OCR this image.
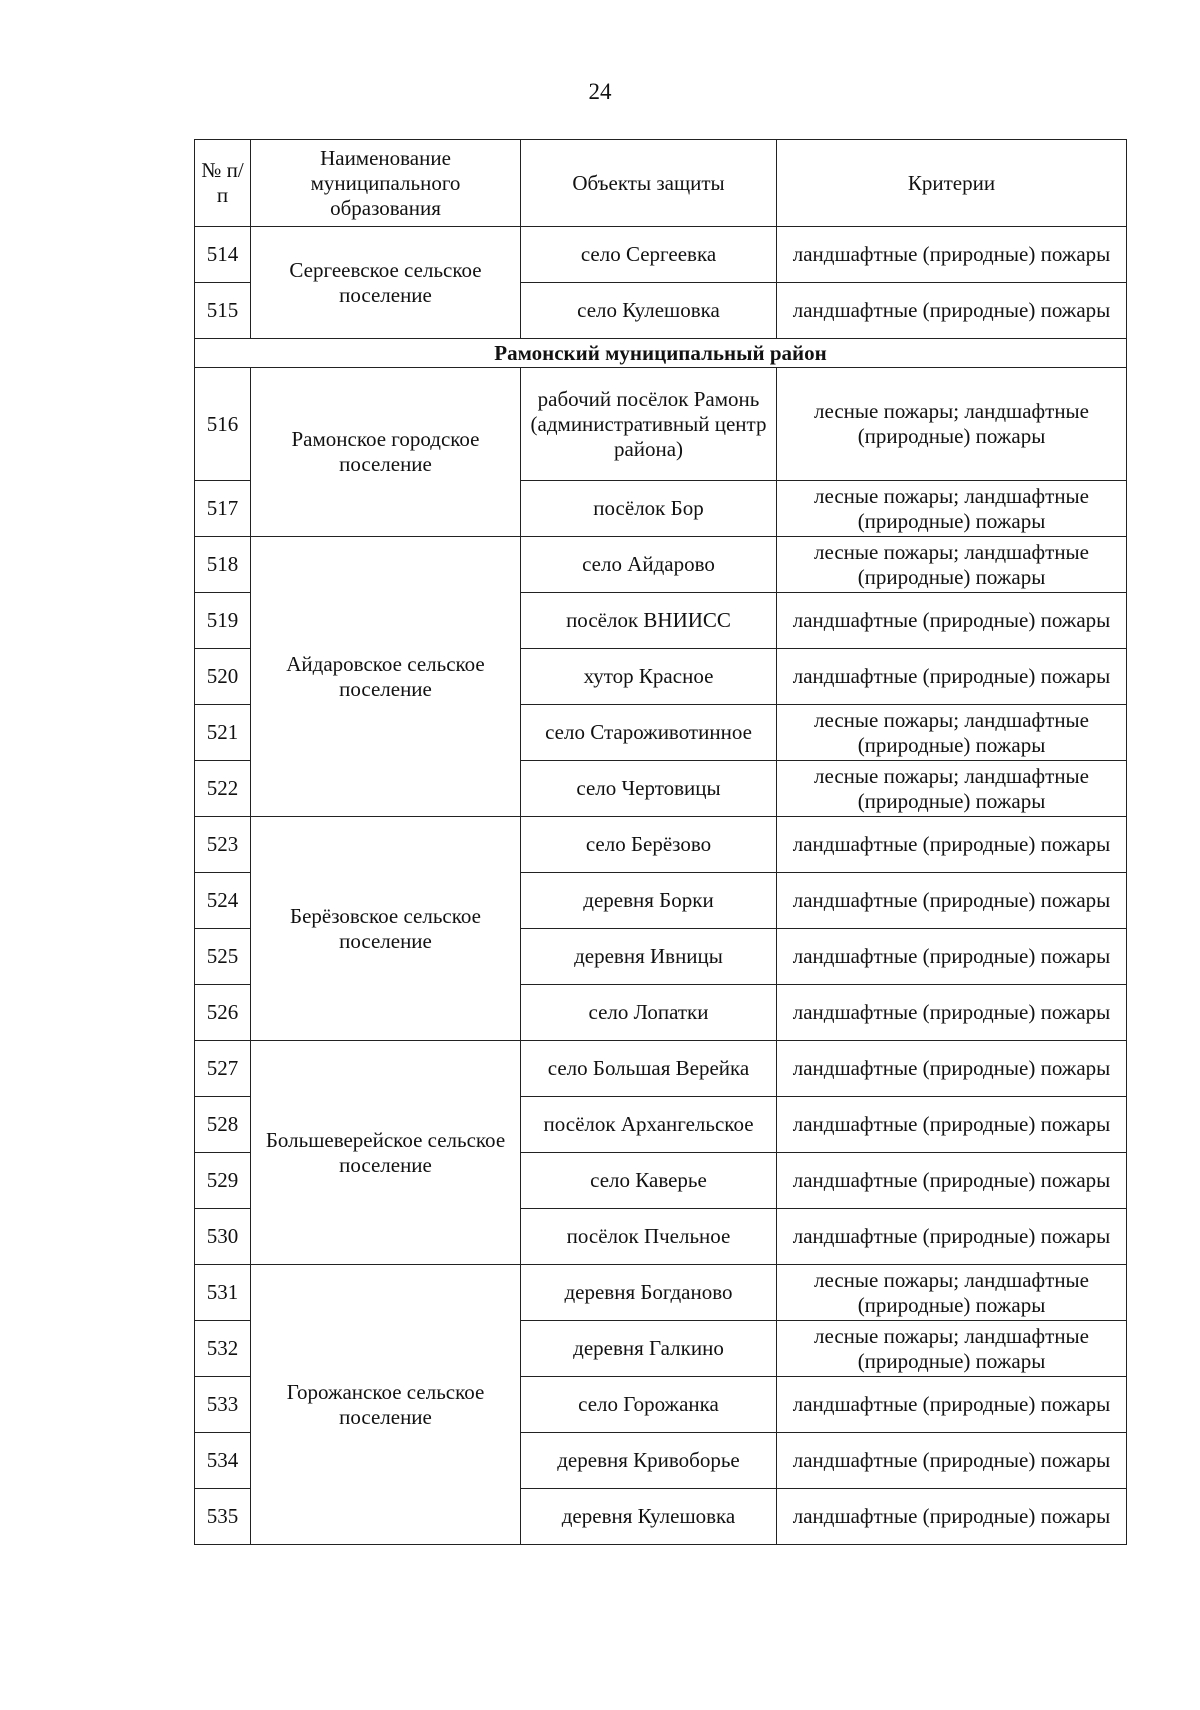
24
№ п/п	Наименование муниципального образования	Объекты защиты	Критерии
514	Сергеевское сельское поселение	село Сергеевка	ландшафтные (природные) пожары
515		село Кулешовка	ландшафтные (природные) пожары
Рамонский муниципальный район			
516	Рамонское городское поселение	рабочий посёлок Рамонь (административный центр района)	лесные пожары; ландшафтные (природные) пожары
517		посёлок Бор	лесные пожары; ландшафтные (природные) пожары
518	Айдаровское сельское поселение	село Айдарово	лесные пожары; ландшафтные (природные) пожары
519		посёлок ВНИИСС	ландшафтные (природные) пожары
520		хутор Красное	ландшафтные (природные) пожары
521		село Староживотинное	лесные пожары; ландшафтные (природные) пожары
522		село Чертовицы	лесные пожары; ландшафтные (природные) пожары
523	Берёзовское сельское поселение	село Берёзово	ландшафтные (природные) пожары
524		деревня Борки	ландшафтные (природные) пожары
525		деревня Ивницы	ландшафтные (природные) пожары
526		село Лопатки	ландшафтные (природные) пожары
527	Большеверейское сельское поселение	село Большая Верейка	ландшафтные (природные) пожары
528		посёлок Архангельское	ландшафтные (природные) пожары
529		село Каверье	ландшафтные (природные) пожары
530		посёлок Пчельное	ландшафтные (природные) пожары
531	Горожанское сельское поселение	деревня Богданово	лесные пожары; ландшафтные (природные) пожары
532		деревня Галкино	лесные пожары; ландшафтные (природные) пожары
533		село Горожанка	ландшафтные (природные) пожары
534		деревня Кривоборье	ландшафтные (природные) пожары
535		деревня Кулешовка	ландшафтные (природные) пожары
